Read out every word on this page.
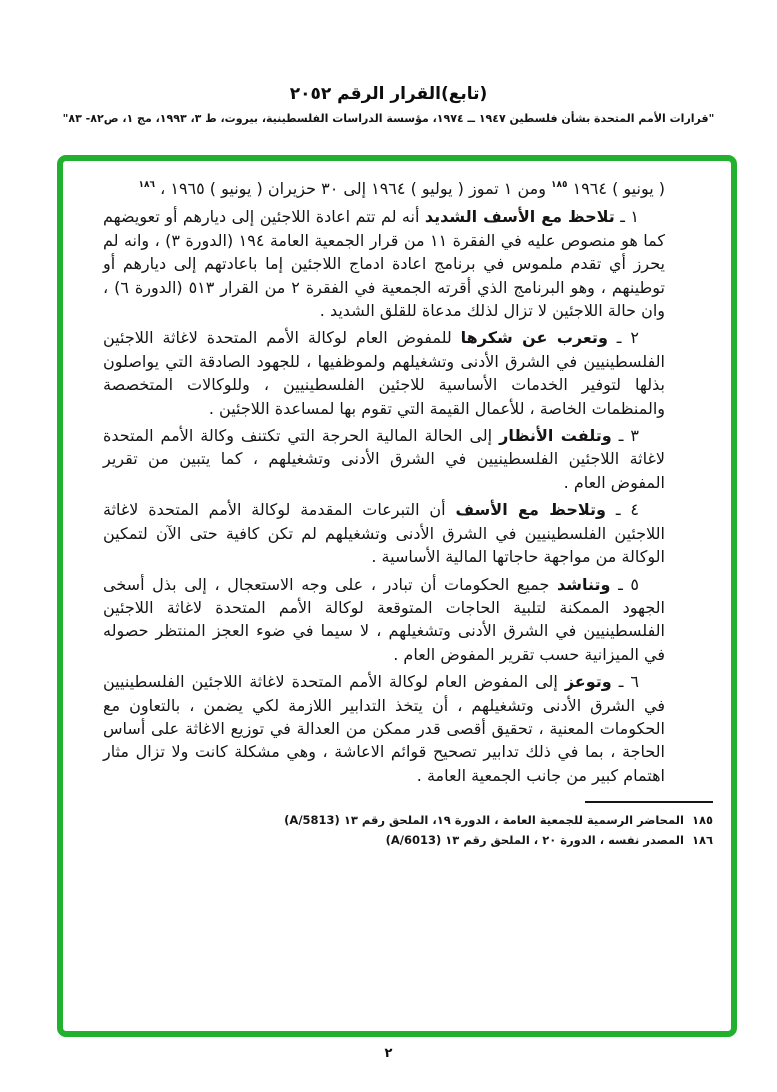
(تابع)القرار الرقم ٢٠٥٢
"قرارات الأمم المتحدة بشأن فلسطين ١٩٤٧ ــ ١٩٧٤، مؤسسة الدراسات الفلسطينية، بيروت، ط ٣، ١٩٩٣، مج ١، ص٨٢- ٨٣"

( يونيو ) ١٩٦٤ $^{١٨٥}$ ومن ١ تموز ( يوليو ) ١٩٦٤ إلى ٣٠ حزيران ( يونيو ) ١٩٦٥ ، $^{١٨٦}$

١ ـ تلاحظ مع الأسف الشديد أنه لم تتم اعادة اللاجئين إلى ديارهم أو تعويضهم كما هو منصوص عليه في الفقرة ١١ من قرار الجمعية العامة ١٩٤ (الدورة ٣) ، وانه لم يحرز أي تقدم ملموس في برنامج اعادة ادماج اللاجئين إما باعادتهم إلى ديارهم أو توطينهم ، وهو البرنامج الذي أقرته الجمعية في الفقرة ٢ من القرار ٥١٣ (الدورة ٦) ، وان حالة اللاجئين لا تزال لذلك مدعاة للقلق الشديد .

٢ ـ وتعرب عن شكرها للمفوض العام لوكالة الأمم المتحدة لاغاثة اللاجئين الفلسطينيين في الشرق الأدنى وتشغيلهم ولموظفيها ، للجهود الصادقة التي يواصلون بذلها لتوفير الخدمات الأساسية للاجئين الفلسطينيين ، وللوكالات المتخصصة والمنظمات الخاصة ، للأعمال القيمة التي تقوم بها لمساعدة اللاجئين .

٣ ـ وتلفت الأنظار إلى الحالة المالية الحرجة التي تكتنف وكالة الأمم المتحدة لاغاثة اللاجئين الفلسطينيين في الشرق الأدنى وتشغيلهم ، كما يتبين من تقرير المفوض العام .

٤ ـ وتلاحظ مع الأسف أن التبرعات المقدمة لوكالة الأمم المتحدة لاغاثة اللاجئين الفلسطينيين في الشرق الأدنى وتشغيلهم لم تكن كافية حتى الآن لتمكين الوكالة من مواجهة حاجاتها المالية الأساسية .

٥ ـ وتناشد جميع الحكومات أن تبادر ، على وجه الاستعجال ، إلى بذل أسخى الجهود الممكنة لتلبية الحاجات المتوقعة لوكالة الأمم المتحدة لاغاثة اللاجئين الفلسطينيين في الشرق الأدنى وتشغيلهم ، لا سيما في ضوء العجز المنتظر حصوله في الميزانية حسب تقرير المفوض العام .

٦ ـ وتوعز إلى المفوض العام لوكالة الأمم المتحدة لاغاثة اللاجئين الفلسطينيين في الشرق الأدنى وتشغيلهم ، أن يتخذ التدابير اللازمة لكي يضمن ، بالتعاون مع الحكومات المعنية ، تحقيق أقصى قدر ممكن من العدالة في توزيع الاغاثة على أساس الحاجة ، بما في ذلك تدابير تصحيح قوائم الاعاشة ، وهي مشكلة كانت ولا تزال مثار اهتمام كبير من جانب الجمعية العامة .

١٨٥ المحاضر الرسمية للجمعية العامة ، الدورة ١٩، الملحق رقم ١٣ (A/5813)
١٨٦ المصدر نفسه ، الدورة ٢٠ ، الملحق رقم ١٣ (A/6013)
٢
